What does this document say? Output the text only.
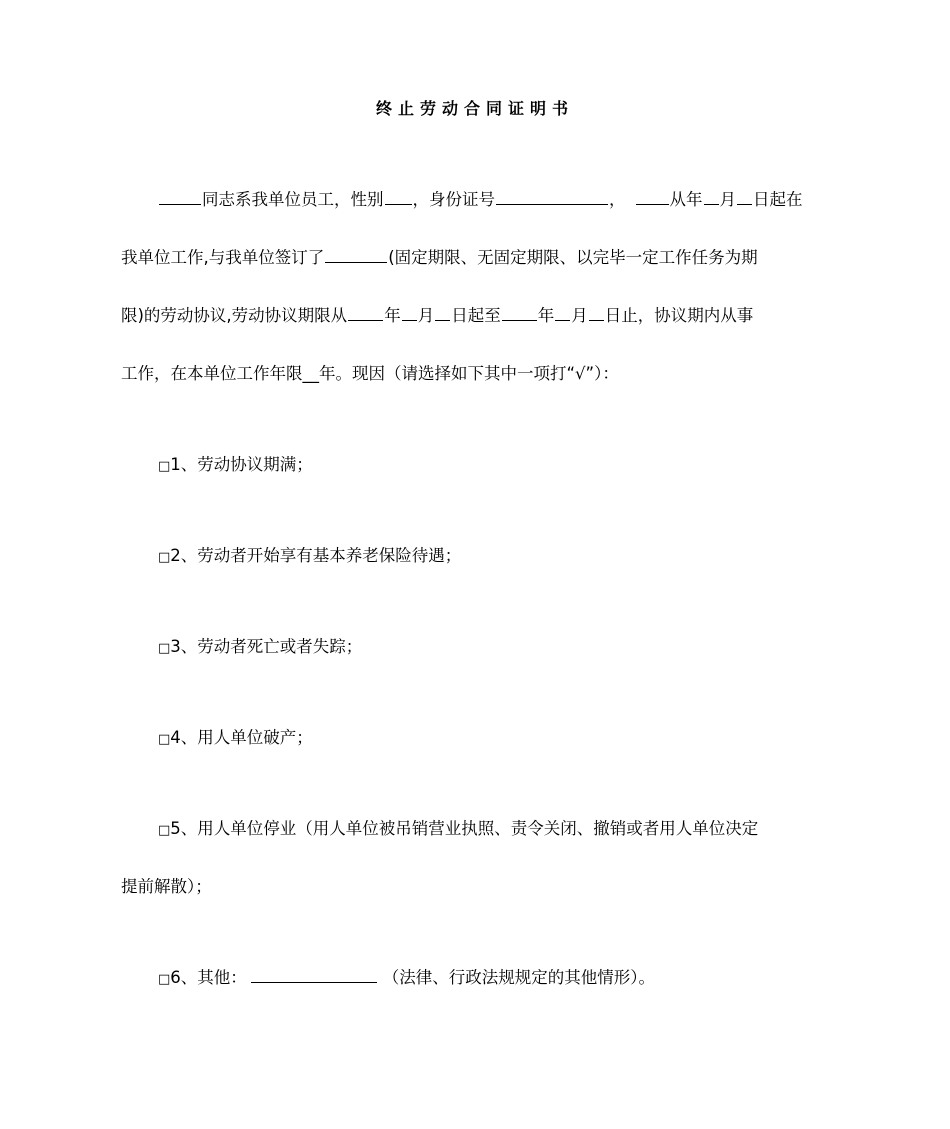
终止劳动合同证明书
同志系我单位员工，性别 ，身份证号	，	从年 月 日起在
我单位工作,与我单位签订了	(固定期限、无固定期限、以完毕一定工作任务为期
限)的劳动协议,劳动协议期限从 年 月 日起至 年 月 日止，协议期内从事
工作，在本单位工作年限__年。现因（请选择如下其中一项打“√”）：
□1、劳动协议期满；
□2、劳动者开始享有基本养老保险待遇；
□3、劳动者死亡或者失踪；
□4、用人单位破产；
□5、用人单位停业（用人单位被吊销营业执照、责令关闭、撤销或者用人单位决定
提前解散）；
□6、其他：	（法律、行政法规规定的其他情形）。
